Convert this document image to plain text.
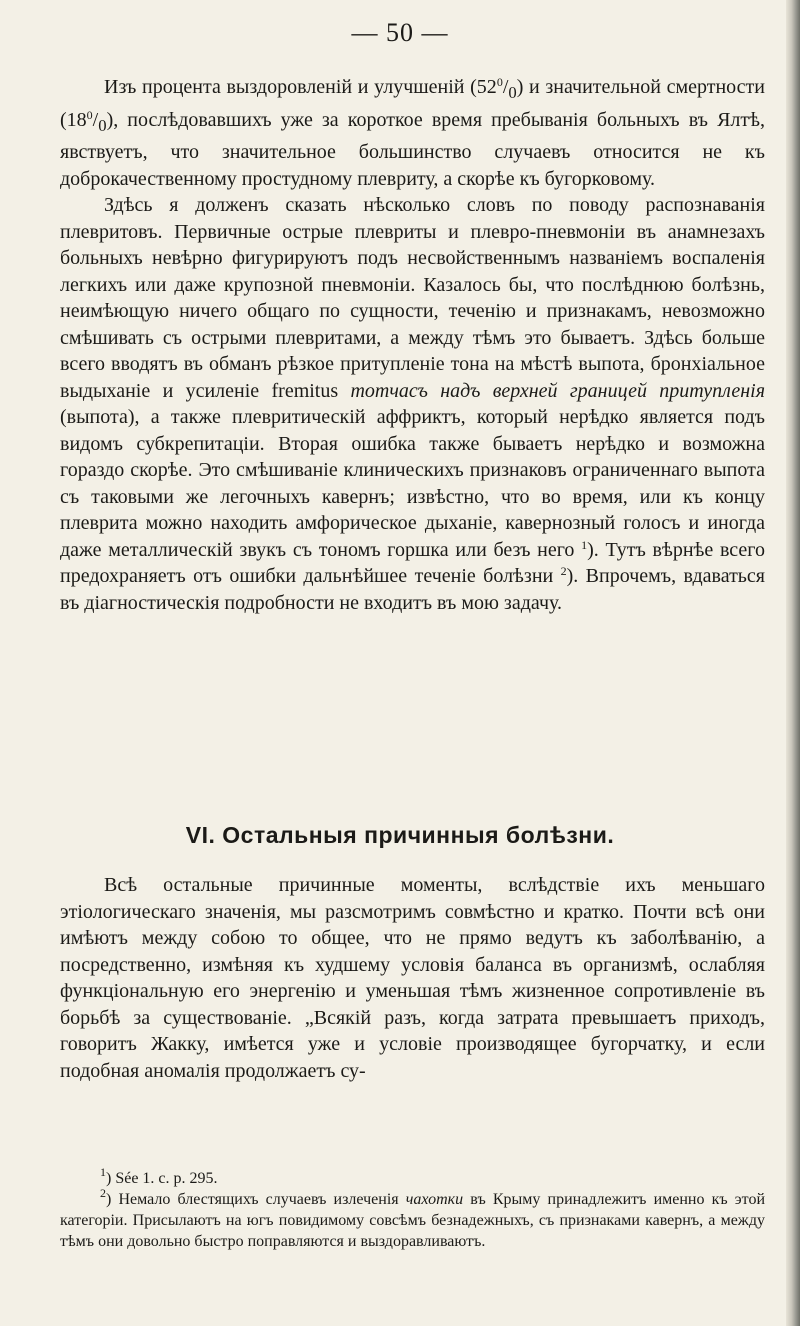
— 50 —

Изъ процента выздоровленій и улучшеній $(52^0/_0)$ и значительной смертности $(18^0/_0)$, послѣдовавшихъ уже за короткое время пребыванія больныхъ въ Ялтѣ, явствуетъ, что значительное большинство случаевъ относится не къ доброкачественному простудному плевриту, а скорѣе къ бугорковому.

Здѣсь я долженъ сказать нѣсколько словъ по поводу распознаванія плевритовъ. Первичные острые плевриты и плевро-пневмоніи въ анамнезахъ больныхъ невѣрно фигурируютъ подъ несвойственнымъ названіемъ воспаленія легкихъ или даже крупозной пневмоніи. Казалось бы, что послѣднюю болѣзнь, неимѣющую ничего общаго по сущности, теченію и признакамъ, невозможно смѣшивать съ острыми плевритами, а между тѣмъ это бываетъ. Здѣсь больше всего вводятъ въ обманъ рѣзкое притупленіе тона на мѣстѣ выпота, бронхіальное выдыханіе и усиленіе fremitus тотчасъ надъ верхней границей притупленія (выпота), а также плевритическій аффриктъ, который нерѣдко является подъ видомъ субкрепитаціи. Вторая ошибка также бываетъ нерѣдко и возможна гораздо скорѣе. Это смѣшиваніе клиническихъ признаковъ ограниченнаго выпота съ таковыми же легочныхъ кавернъ; извѣстно, что во время, или къ концу плеврита можно находить амфорическое дыханіе, кавернозный голосъ и иногда даже металлическій звукъ съ тономъ горшка или безъ него $^1$). Тутъ вѣрнѣе всего предохраняетъ отъ ошибки дальнѣйшее теченіе болѣзни $^2$). Впрочемъ, вдаваться въ діагностическія подробности не входитъ въ мою задачу.

VI. Остальныя причинныя болѣзни.

Всѣ остальные причинные моменты, вслѣдствіе ихъ меньшаго этіологическаго значенія, мы разсмотримъ совмѣстно и кратко. Почти всѣ они имѣютъ между собою то общее, что не прямо ведутъ къ заболѣванію, а посредственно, измѣняя къ худшему условія баланса въ организмѣ, ослабляя функціональную его энергенію и уменьшая тѣмъ жизненное сопротивленіе въ борьбѣ за существованіе. „Всякій разъ, когда затрата превышаетъ приходъ, говоритъ Жакку, имѣется уже и условіе производящее бугорчатку, и если подобная аномалія продолжаетъ су-

$^1$) Sée 1. c. p. 295.

$^2$) Немало блестящихъ случаевъ излеченія чахотки въ Крыму принадлежитъ именно къ этой категоріи. Присылаютъ на югъ повидимому совсѣмъ безнадежныхъ, съ признаками кавернъ, а между тѣмъ они довольно быстро поправляются и выздоравливаютъ.
